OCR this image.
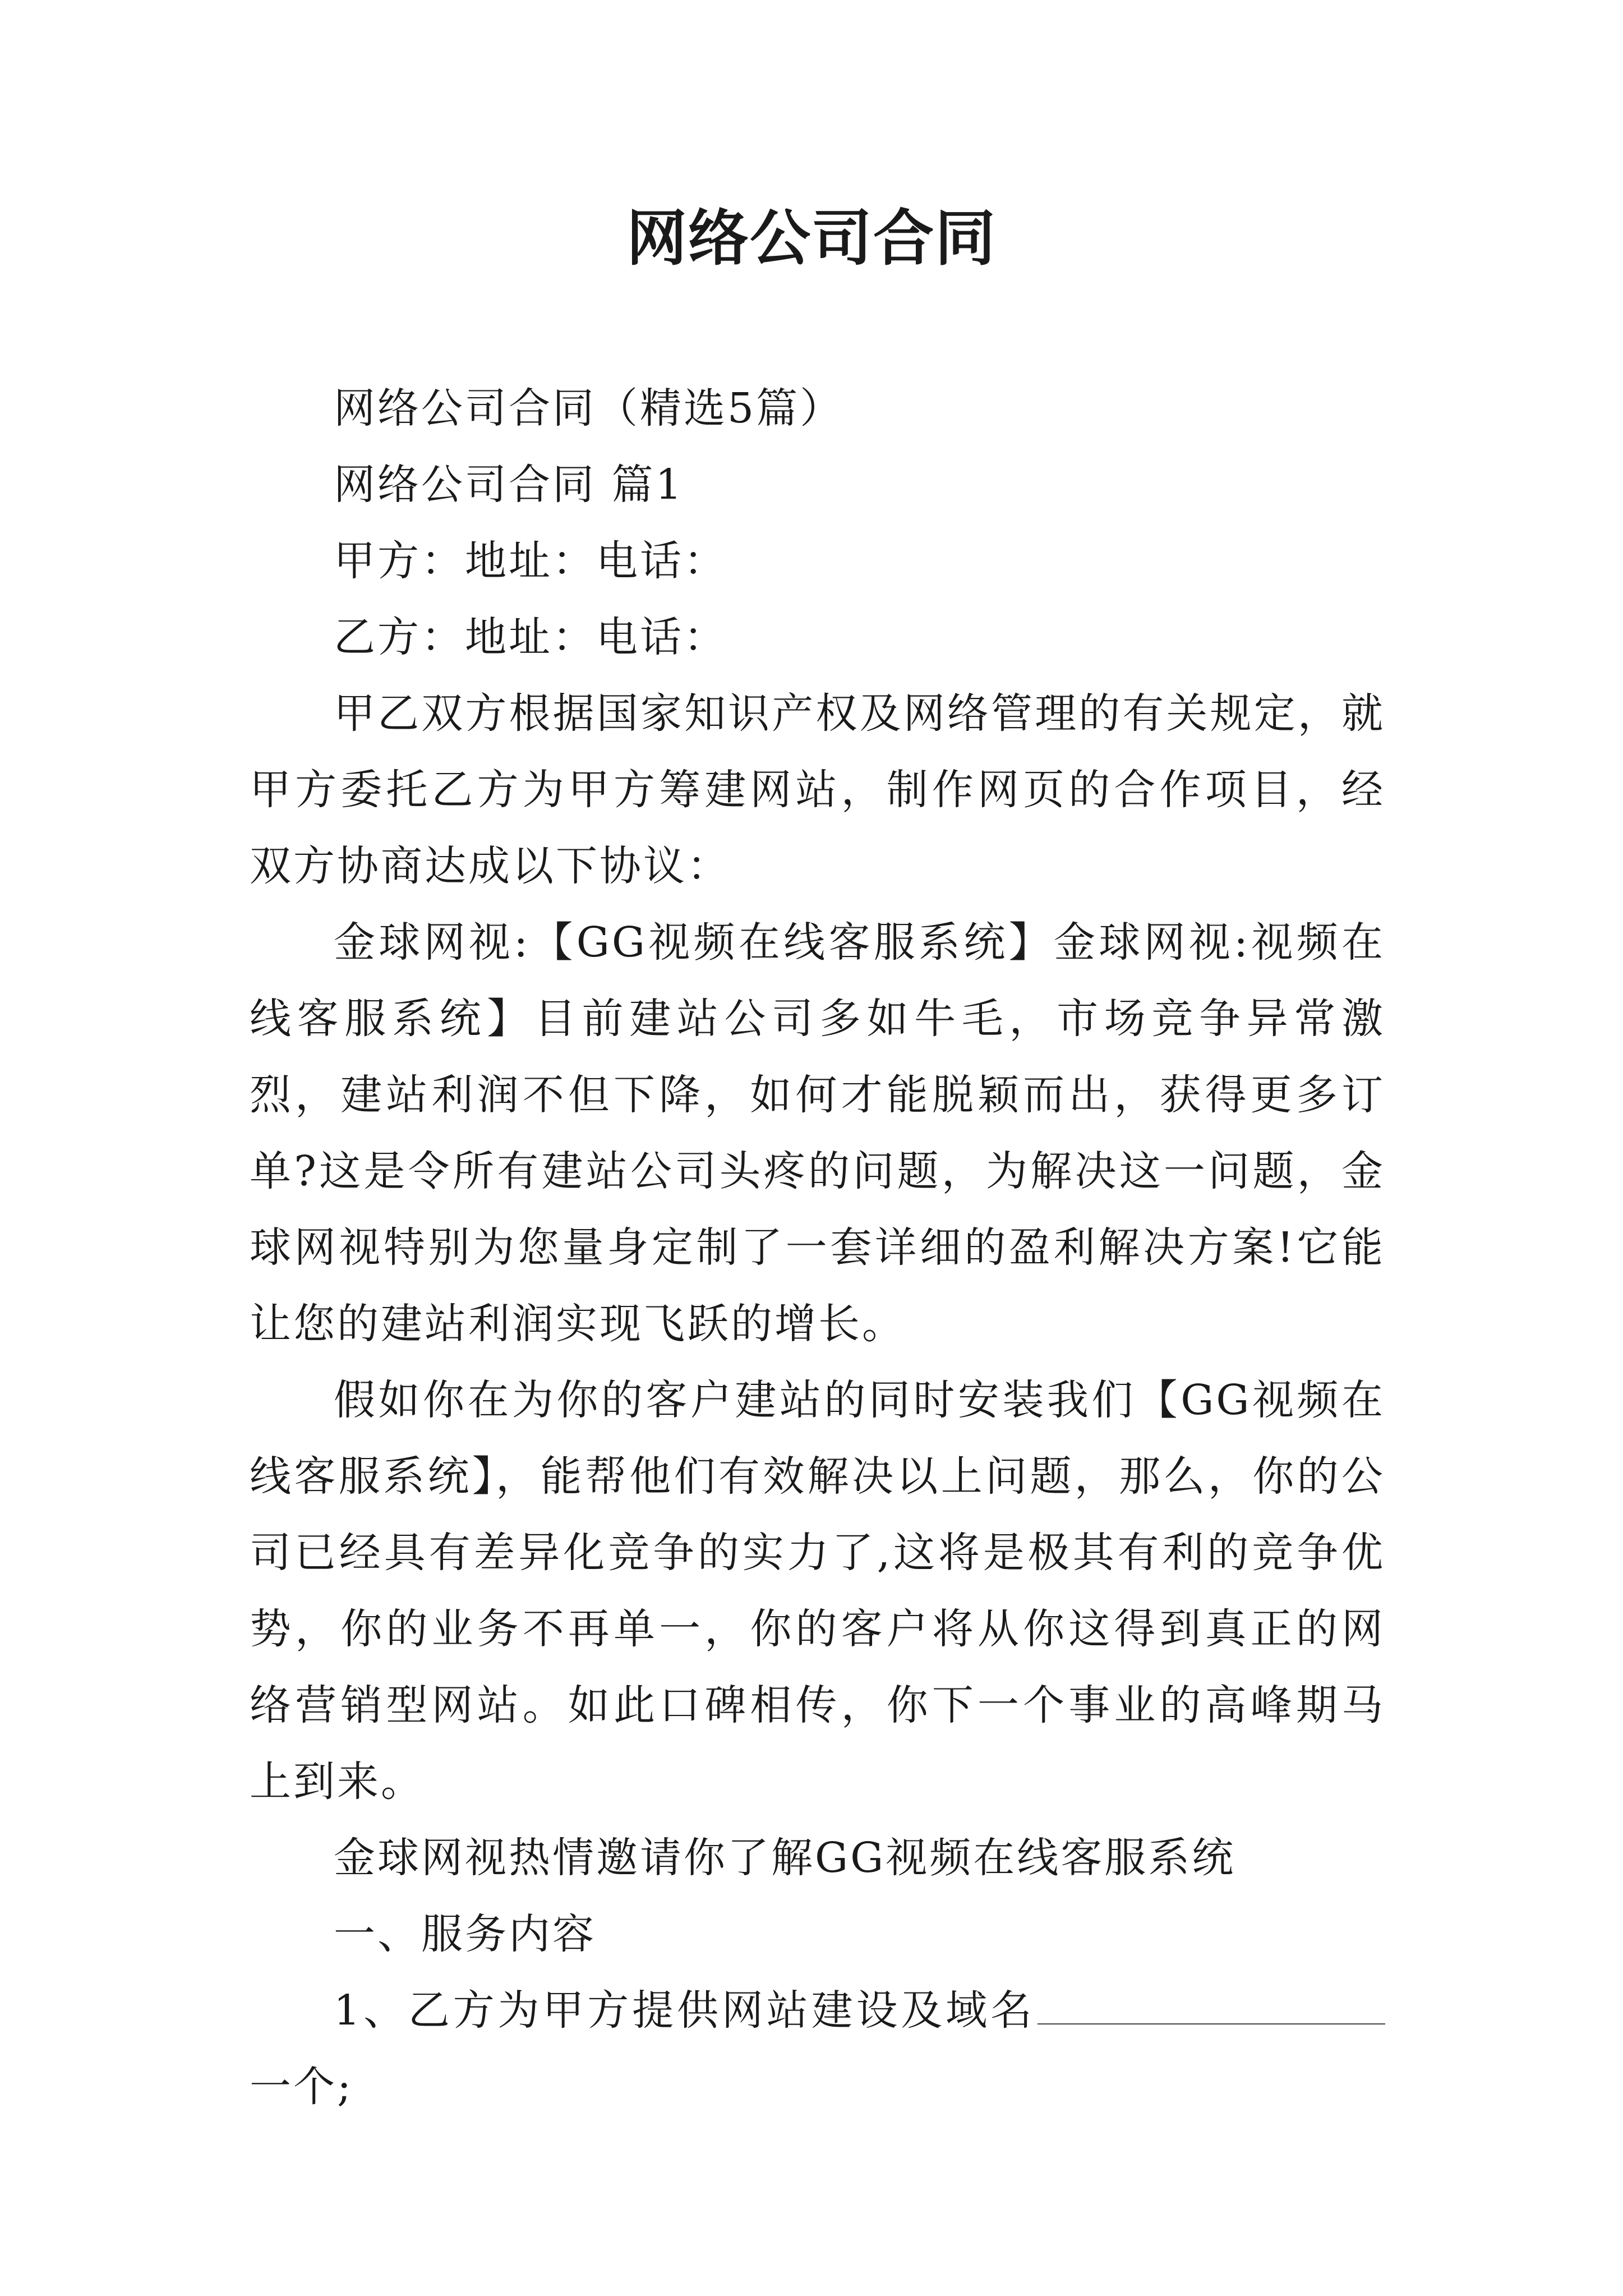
网络公司合同

网络公司合同（精选5篇）

网络公司合同 篇1

甲方：地址：电话：

乙方：地址：电话：

甲乙双方根据国家知识产权及网络管理的有关规定，就甲方委托乙方为甲方筹建网站，制作网页的合作项目，经双方协商达成以下协议：

金球网视:【GG视频在线客服系统】金球网视:视频在线客服系统】目前建站公司多如牛毛，市场竞争异常激烈，建站利润不但下降，如何才能脱颖而出，获得更多订单?这是令所有建站公司头疼的问题，为解决这一问题，金球网视特别为您量身定制了一套详细的盈利解决方案!它能让您的建站利润实现飞跃的增长。

假如你在为你的客户建站的同时安装我们【GG视频在线客服系统】，能帮他们有效解决以上问题，那么，你的公司已经具有差异化竞争的实力了,这将是极其有利的竞争优势，你的业务不再单一，你的客户将从你这得到真正的网络营销型网站。如此口碑相传，你下一个事业的高峰期马上到来。

金球网视热情邀请你了解GG视频在线客服系统

一、服务内容

1、乙方为甲方提供网站建设及域名一个;
